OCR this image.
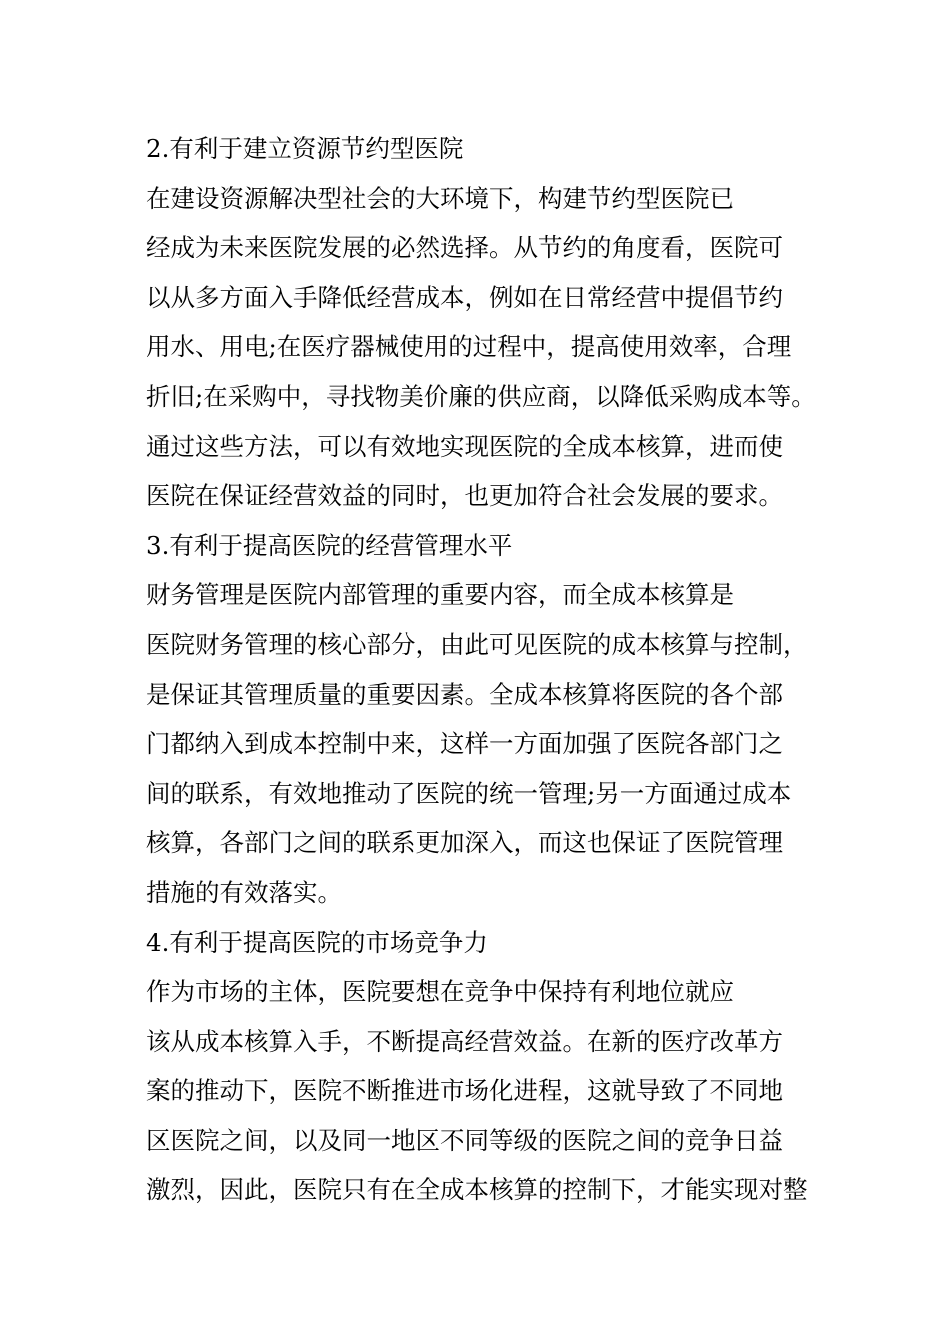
2.有利于建立资源节约型医院

在建设资源解决型社会的大环境下，构建节约型医院已

经成为未来医院发展的必然选择。从节约的角度看，医院可

以从多方面入手降低经营成本，例如在日常经营中提倡节约

用水、用电;在医疗器械使用的过程中，提高使用效率，合理

折旧;在采购中，寻找物美价廉的供应商，以降低采购成本等。

通过这些方法，可以有效地实现医院的全成本核算，进而使

医院在保证经营效益的同时，也更加符合社会发展的要求。

3.有利于提高医院的经营管理水平

财务管理是医院内部管理的重要内容，而全成本核算是

医院财务管理的核心部分，由此可见医院的成本核算与控制，

是保证其管理质量的重要因素。全成本核算将医院的各个部

门都纳入到成本控制中来，这样一方面加强了医院各部门之

间的联系，有效地推动了医院的统一管理;另一方面通过成本

核算，各部门之间的联系更加深入，而这也保证了医院管理

措施的有效落实。

4.有利于提高医院的市场竞争力

作为市场的主体，医院要想在竞争中保持有利地位就应

该从成本核算入手，不断提高经营效益。在新的医疗改革方

案的推动下，医院不断推进市场化进程，这就导致了不同地

区医院之间，以及同一地区不同等级的医院之间的竞争日益

激烈，因此，医院只有在全成本核算的控制下，才能实现对整
